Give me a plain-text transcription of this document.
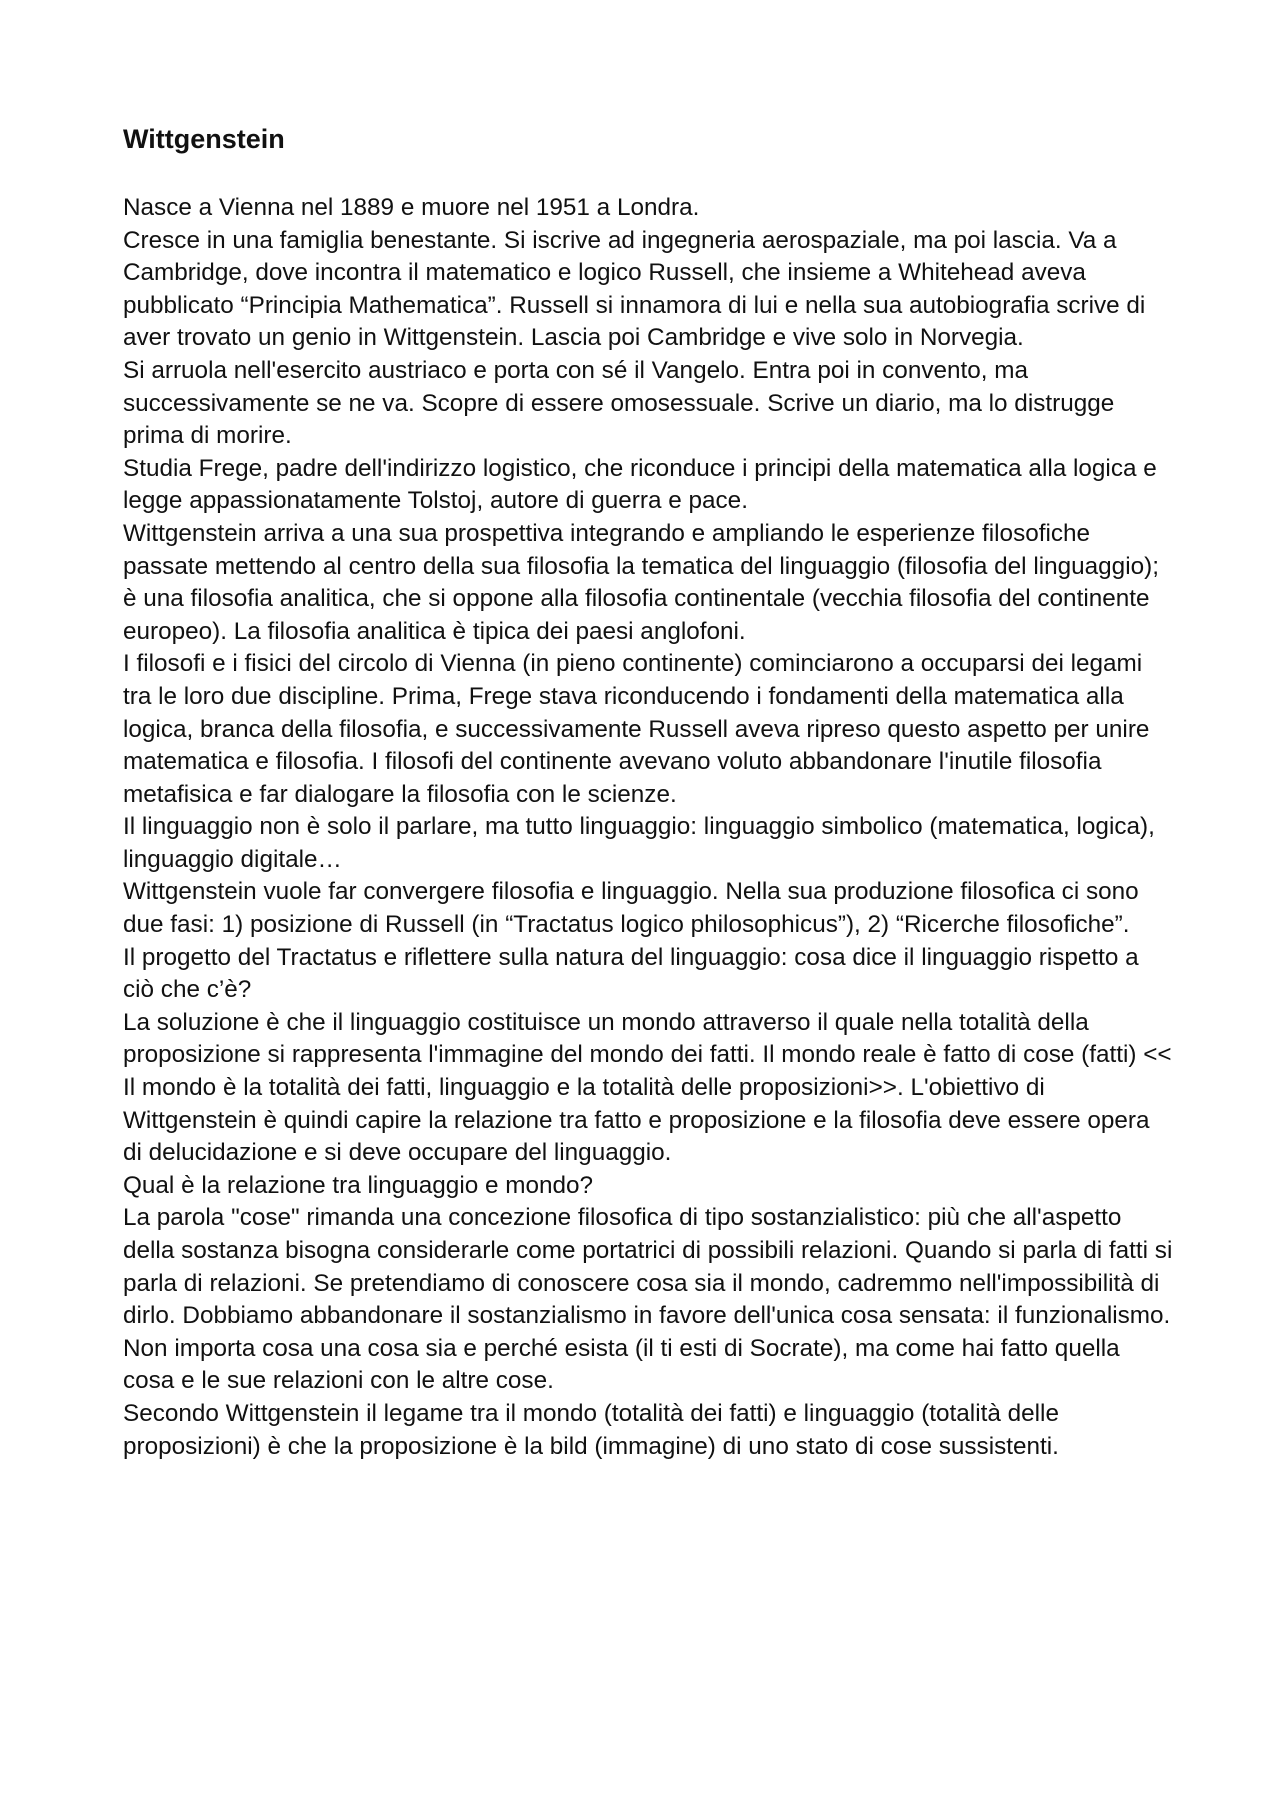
Wittgenstein

Nasce a Vienna nel 1889 e muore nel 1951 a Londra.

Cresce in una famiglia benestante. Si iscrive ad ingegneria aerospaziale, ma poi lascia. Va a Cambridge, dove incontra il matematico e logico Russell, che insieme a Whitehead aveva pubblicato “Principia Mathematica”. Russell si innamora di lui e nella sua autobiografia scrive di aver trovato un genio in Wittgenstein. Lascia poi Cambridge e vive solo in Norvegia.

Si arruola nell'esercito austriaco e porta con sé il Vangelo. Entra poi in convento, ma successivamente se ne va. Scopre di essere omosessuale. Scrive un diario, ma lo distrugge prima di morire.

Studia Frege, padre dell'indirizzo logistico, che riconduce i principi della matematica alla logica e legge appassionatamente Tolstoj, autore di guerra e pace.

Wittgenstein arriva a una sua prospettiva integrando e ampliando le esperienze filosofiche passate mettendo al centro della sua filosofia la tematica del linguaggio (filosofia del linguaggio); è una filosofia analitica, che si oppone alla filosofia continentale (vecchia filosofia del continente europeo). La filosofia analitica è tipica dei paesi anglofoni.

I filosofi e i fisici del circolo di Vienna (in pieno continente) cominciarono a occuparsi dei legami tra le loro due discipline. Prima, Frege stava riconducendo i fondamenti della matematica alla logica, branca della filosofia, e successivamente Russell aveva ripreso questo aspetto per unire matematica e filosofia. I filosofi del continente avevano voluto abbandonare l'inutile filosofia metafisica e far dialogare la filosofia con le scienze.

Il linguaggio non è solo il parlare, ma tutto linguaggio: linguaggio simbolico (matematica, logica), linguaggio digitale…

Wittgenstein vuole far convergere filosofia e linguaggio. Nella sua produzione filosofica ci sono due fasi: 1) posizione di Russell (in “Tractatus logico philosophicus”), 2) “Ricerche filosofiche”.

Il progetto del Tractatus e riflettere sulla natura del linguaggio: cosa dice il linguaggio rispetto a ciò che c’è?

La soluzione è che il linguaggio costituisce un mondo attraverso il quale nella totalità della proposizione si rappresenta l'immagine del mondo dei fatti. Il mondo reale è fatto di cose (fatti) << Il mondo è la totalità dei fatti, linguaggio e la totalità delle proposizioni>>. L'obiettivo di Wittgenstein è quindi capire la relazione tra fatto e proposizione e la filosofia deve essere opera di delucidazione e si deve occupare del linguaggio.

Qual è la relazione tra linguaggio e mondo?

La parola "cose" rimanda una concezione filosofica di tipo sostanzialistico: più che all'aspetto della sostanza bisogna considerarle come portatrici di possibili relazioni. Quando si parla di fatti si parla di relazioni. Se pretendiamo di conoscere cosa sia il mondo, cadremmo nell'impossibilità di dirlo. Dobbiamo abbandonare il sostanzialismo in favore dell'unica cosa sensata: il funzionalismo. Non importa cosa una cosa sia e perché esista (il ti esti di Socrate), ma come hai fatto quella cosa e le sue relazioni con le altre cose.

Secondo Wittgenstein il legame tra il mondo (totalità dei fatti) e linguaggio (totalità delle proposizioni) è che la proposizione è la bild (immagine) di uno stato di cose sussistenti.
